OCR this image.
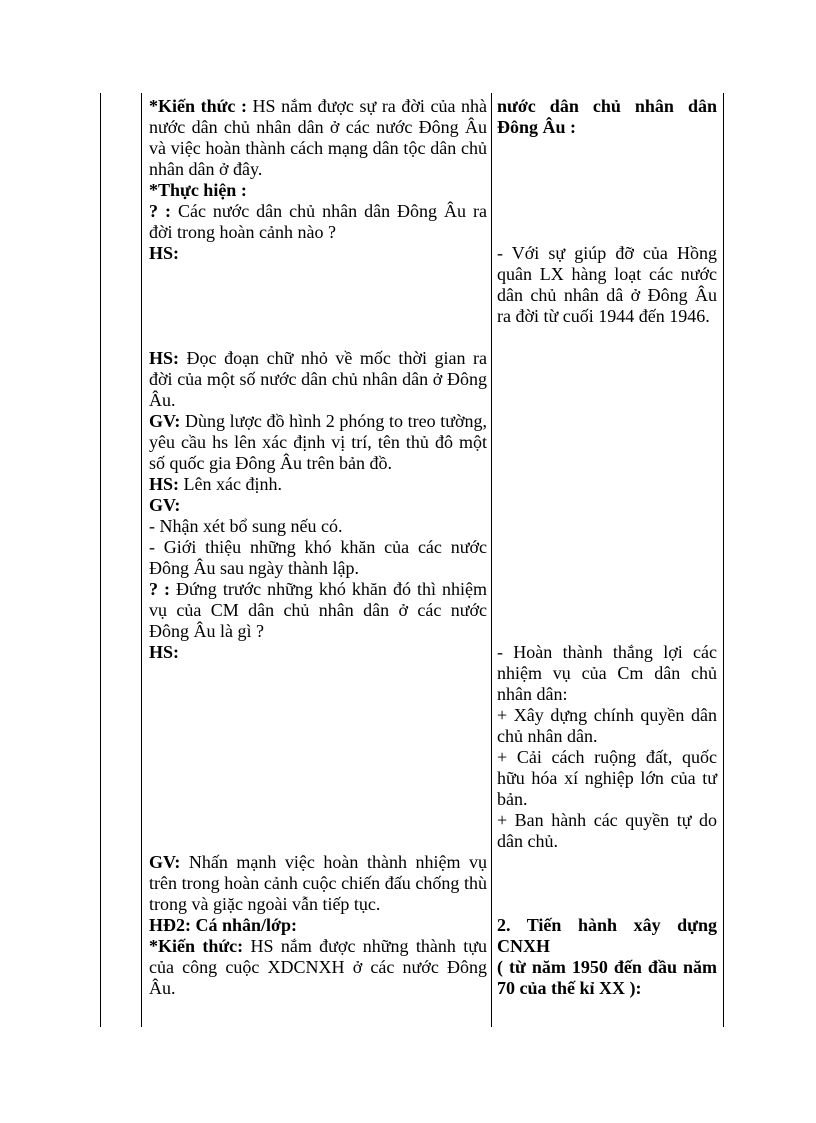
*Kiến thức : HS nắm được sự ra đời của nhà nước dân chủ nhân dân ở các nước Đông Âu và việc hoàn thành cách mạng dân tộc dân chủ nhân dân ở đây.

*Thực hiện :

? : Các nước dân chủ nhân dân Đông Âu ra đời trong hoàn cảnh nào ?

HS:

HS: Đọc đoạn chữ nhỏ về mốc thời gian ra đời của một số nước dân chủ nhân dân ở Đông Âu.

GV: Dùng lược đồ hình 2 phóng to treo tường, yêu cầu hs lên xác định vị trí, tên thủ đô một số quốc gia Đông Âu trên bản đồ.

HS: Lên xác định.

GV:

- Nhận xét bổ sung nếu có.

- Giới thiệu những khó khăn của các nước Đông Âu sau ngày thành lập.

? : Đứng trước những khó khăn đó thì nhiệm vụ của CM dân chủ nhân dân ở các nước Đông Âu là gì ?

HS:

GV: Nhấn mạnh việc hoàn thành nhiệm vụ trên trong hoàn cảnh cuộc chiến đấu chống thù trong và giặc ngoài vẫn tiếp tục.

HĐ2: Cá nhân/lớp:

*Kiến thức: HS nắm được những thành tựu của công cuộc XDCNXH ở các nước Đông Âu.

nước dân chủ nhân dân Đông Âu :

- Với sự giúp đỡ của Hồng quân LX hàng loạt các nước dân chủ nhân dâ ở Đông Âu ra đời từ cuối 1944 đến 1946.

- Hoàn thành thắng lợi các nhiệm vụ của Cm dân chủ nhân dân:

+ Xây dựng chính quyền dân chủ nhân dân.

+ Cải cách ruộng đất, quốc hữu hóa xí nghiệp lớn của tư bản.

+ Ban hành các quyền tự do dân chủ.

2. Tiến hành xây dựng CNXH

( từ năm 1950 đến đầu năm 70 của thế kỉ XX ):
